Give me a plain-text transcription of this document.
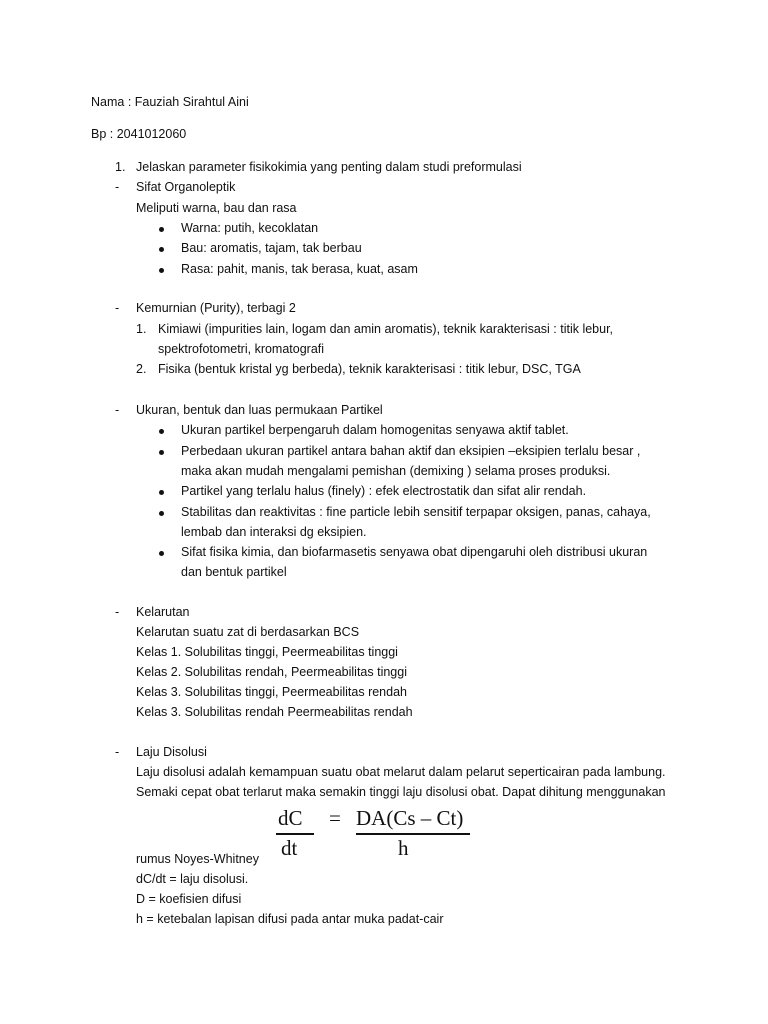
Nama : Fauziah Sirahtul Aini
Bp : 2041012060
1. Jelaskan parameter fisikokimia yang penting dalam studi preformulasi
- Sifat Organoleptik
Meliputi warna, bau dan rasa
Warna: putih, kecoklatan
Bau: aromatis, tajam, tak berbau
Rasa: pahit, manis, tak berasa, kuat, asam
- Kemurnian (Purity), terbagi 2
1. Kimiawi (impurities lain, logam dan amin aromatis), teknik karakterisasi : titik lebur,
spektrofotometri, kromatografi
2. Fisika (bentuk kristal yg berbeda), teknik karakterisasi : titik lebur, DSC, TGA
- Ukuran, bentuk dan luas permukaan Partikel
Ukuran partikel berpengaruh dalam homogenitas senyawa aktif tablet.
Perbedaan ukuran partikel antara bahan aktif dan eksipien –eksipien terlalu besar ,
maka akan mudah mengalami pemishan (demixing ) selama proses produksi.
Partikel yang terlalu halus (finely) : efek electrostatik dan sifat alir rendah.
Stabilitas dan reaktivitas : fine particle lebih sensitif terpapar oksigen, panas, cahaya,
lembab dan interaksi dg eksipien.
Sifat fisika kimia, dan biofarmasetis senyawa obat dipengaruhi oleh distribusi ukuran
dan bentuk partikel
- Kelarutan
Kelarutan suatu zat di berdasarkan BCS
Kelas 1. Solubilitas tinggi, Peermeabilitas tinggi
Kelas 2. Solubilitas rendah, Peermeabilitas tinggi
Kelas 3. Solubilitas tinggi, Peermeabilitas rendah
Kelas 3. Solubilitas rendah Peermeabilitas rendah
- Laju Disolusi
Laju disolusi adalah kemampuan suatu obat melarut dalam pelarut seperticairan pada lambung.
Semaki cepat obat terlarut maka semakin tinggi laju disolusi obat. Dapat dihitung menggunakan
dC
dt
= DA(Cs – Ct)
h
rumus Noyes-Whitney
dC/dt = laju disolusi.
D = koefisien difusi
h = ketebalan lapisan difusi pada antar muka padat-cair
